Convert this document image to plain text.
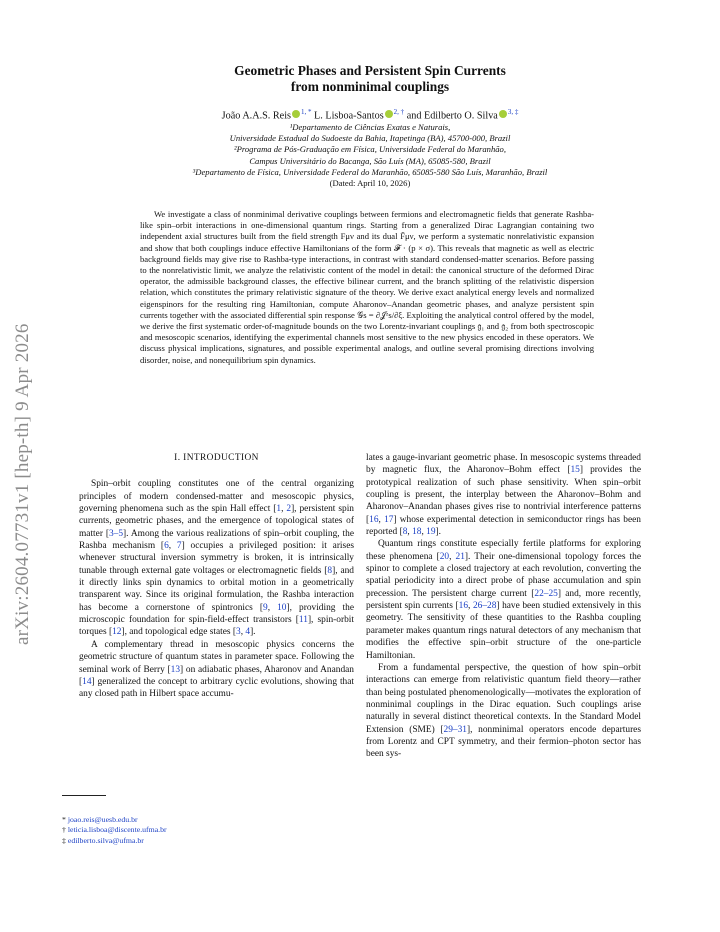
arXiv:2604.07731v1 [hep-th] 9 Apr 2026
Geometric Phases and Persistent Spin Currents
from nonminimal couplings
João A.A.S. Reis $^{1, *}$ L. Lisboa-Santos $^{2, \dagger}$ and Edilberto O. Silva $^{3, \ddagger}$
¹Departamento de Ciências Exatas e Naturais,
Universidade Estadual do Sudoeste da Bahia, Itapetinga (BA), 45700-000, Brazil
²Programa de Pós-Graduação em Física, Universidade Federal do Maranhão,
Campus Universitário do Bacanga, São Luís (MA), 65085-580, Brazil
³Departamento de Física, Universidade Federal do Maranhão, 65085-580 São Luís, Maranhão, Brazil
(Dated: April 10, 2026)

We investigate a class of nonminimal derivative couplings between fermions and electromagnetic fields that generate Rashba-like spin–orbit interactions in one-dimensional quantum rings. Starting from a generalized Dirac Lagrangian containing two independent axial structures built from the field strength Fμν and its dual F̃μν, we perform a systematic nonrelativistic expansion and show that both couplings induce effective Hamiltonians of the form 𝓕 · (p × σ). This reveals that magnetic as well as electric background fields may give rise to Rashba-type interactions, in contrast with standard condensed-matter scenarios. Before passing to the nonrelativistic limit, we analyze the relativistic content of the model in detail: the canonical structure of the deformed Dirac operator, the admissible background classes, the effective bilinear current, and the branch splitting of the relativistic dispersion relation, which constitutes the primary relativistic signature of the theory. We derive exact analytical energy levels and normalized eigenspinors for the resulting ring Hamiltonian, compute Aharonov–Anandan geometric phases, and analyze persistent spin currents together with the associated differential spin response 𝒢s = ∂𝒥ᶻs/∂ξ. Exploiting the analytical control offered by the model, we derive the first systematic order-of-magnitude bounds on the two Lorentz-invariant couplings 𝔤₁ and 𝔤₂ from both spectroscopic and mesoscopic scenarios, identifying the experimental channels most sensitive to the new physics encoded in these operators. We discuss physical implications, signatures, and possible experimental analogs, and outline several promising directions involving disorder, noise, and nonequilibrium spin dynamics.

I. INTRODUCTION

Spin–orbit coupling constitutes one of the central organizing principles of modern condensed-matter and mesoscopic physics, governing phenomena such as the spin Hall effect [1, 2], persistent spin currents, geometric phases, and the emergence of topological states of matter [3–5]. Among the various realizations of spin–orbit coupling, the Rashba mechanism [6, 7] occupies a privileged position: it arises whenever structural inversion symmetry is broken, it is intrinsically tunable through external gate voltages or electromagnetic fields [8], and it directly links spin dynamics to orbital motion in a geometrically transparent way. Since its original formulation, the Rashba interaction has become a cornerstone of spintronics [9, 10], providing the microscopic foundation for spin-field-effect transistors [11], spin-orbit torques [12], and topological edge states [3, 4].

A complementary thread in mesoscopic physics concerns the geometric structure of quantum states in parameter space. Following the seminal work of Berry [13] on adiabatic phases, Aharonov and Anandan [14] generalized the concept to arbitrary cyclic evolutions, showing that any closed path in Hilbert space accumu-

lates a gauge-invariant geometric phase. In mesoscopic systems threaded by magnetic flux, the Aharonov–Bohm effect [15] provides the prototypical realization of such phase sensitivity. When spin–orbit coupling is present, the interplay between the Aharonov–Bohm and Aharonov–Anandan phases gives rise to nontrivial interference patterns [16, 17] whose experimental detection in semiconductor rings has been reported [8, 18, 19].

Quantum rings constitute especially fertile platforms for exploring these phenomena [20, 21]. Their one-dimensional topology forces the spinor to complete a closed trajectory at each revolution, converting the spatial periodicity into a direct probe of phase accumulation and spin precession. The persistent charge current [22–25] and, more recently, persistent spin currents [16, 26–28] have been studied extensively in this geometry. The sensitivity of these quantities to the Rashba coupling parameter makes quantum rings natural detectors of any mechanism that modifies the effective spin–orbit structure of the one-particle Hamiltonian.

From a fundamental perspective, the question of how spin–orbit interactions can emerge from relativistic quantum field theory—rather than being postulated phenomenologically—motivates the exploration of nonminimal couplings in the Dirac equation. Such couplings arise naturally in several distinct theoretical contexts. In the Standard Model Extension (SME) [29–31], nonminimal operators encode departures from Lorentz and CPT symmetry, and their fermion–photon sector has been sys-

* joao.reis@uesb.edu.br
† leticia.lisboa@discente.ufma.br
‡ edilberto.silva@ufma.br
